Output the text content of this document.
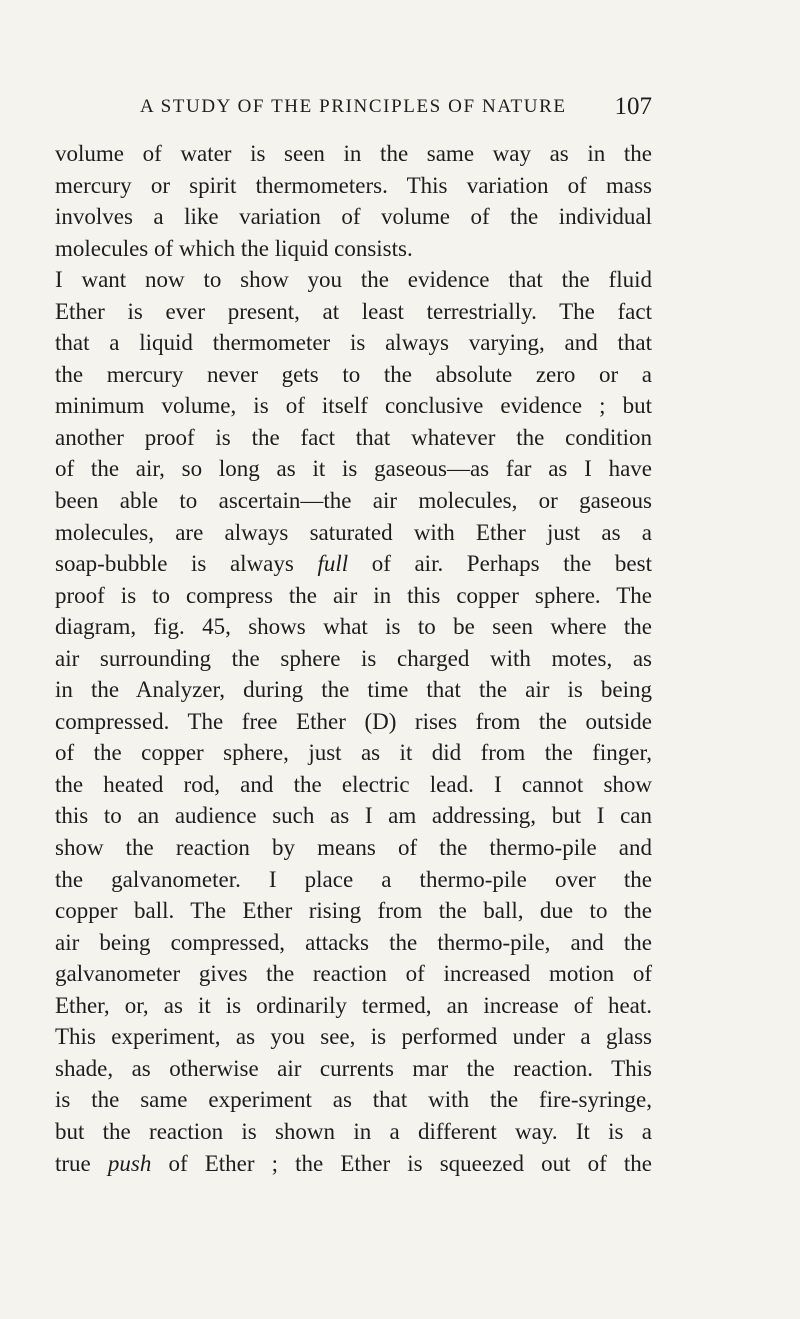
A STUDY OF THE PRINCIPLES OF NATURE 107
volume of water is seen in the same way as in the
mercury or spirit thermometers. This variation of mass
involves a like variation of volume of the individual
molecules of which the liquid consists.
I want now to show you the evidence that the fluid
Ether is ever present, at least terrestrially. The fact
that a liquid thermometer is always varying, and that
the mercury never gets to the absolute zero or a
minimum volume, is of itself conclusive evidence ; but
another proof is the fact that whatever the condition
of the air, so long as it is gaseous—as far as I have
been able to ascertain—the air molecules, or gaseous
molecules, are always saturated with Ether just as a
soap-bubble is always full of air. Perhaps the best
proof is to compress the air in this copper sphere. The
diagram, fig. 45, shows what is to be seen where the
air surrounding the sphere is charged with motes, as
in the Analyzer, during the time that the air is being
compressed. The free Ether (D) rises from the outside
of the copper sphere, just as it did from the finger,
the heated rod, and the electric lead. I cannot show
this to an audience such as I am addressing, but I can
show the reaction by means of the thermo-pile and
the galvanometer. I place a thermo-pile over the
copper ball. The Ether rising from the ball, due to the
air being compressed, attacks the thermo-pile, and the
galvanometer gives the reaction of increased motion of
Ether, or, as it is ordinarily termed, an increase of heat.
This experiment, as you see, is performed under a glass
shade, as otherwise air currents mar the reaction. This
is the same experiment as that with the fire-syringe,
but the reaction is shown in a different way. It is a
true push of Ether ; the Ether is squeezed out of the
